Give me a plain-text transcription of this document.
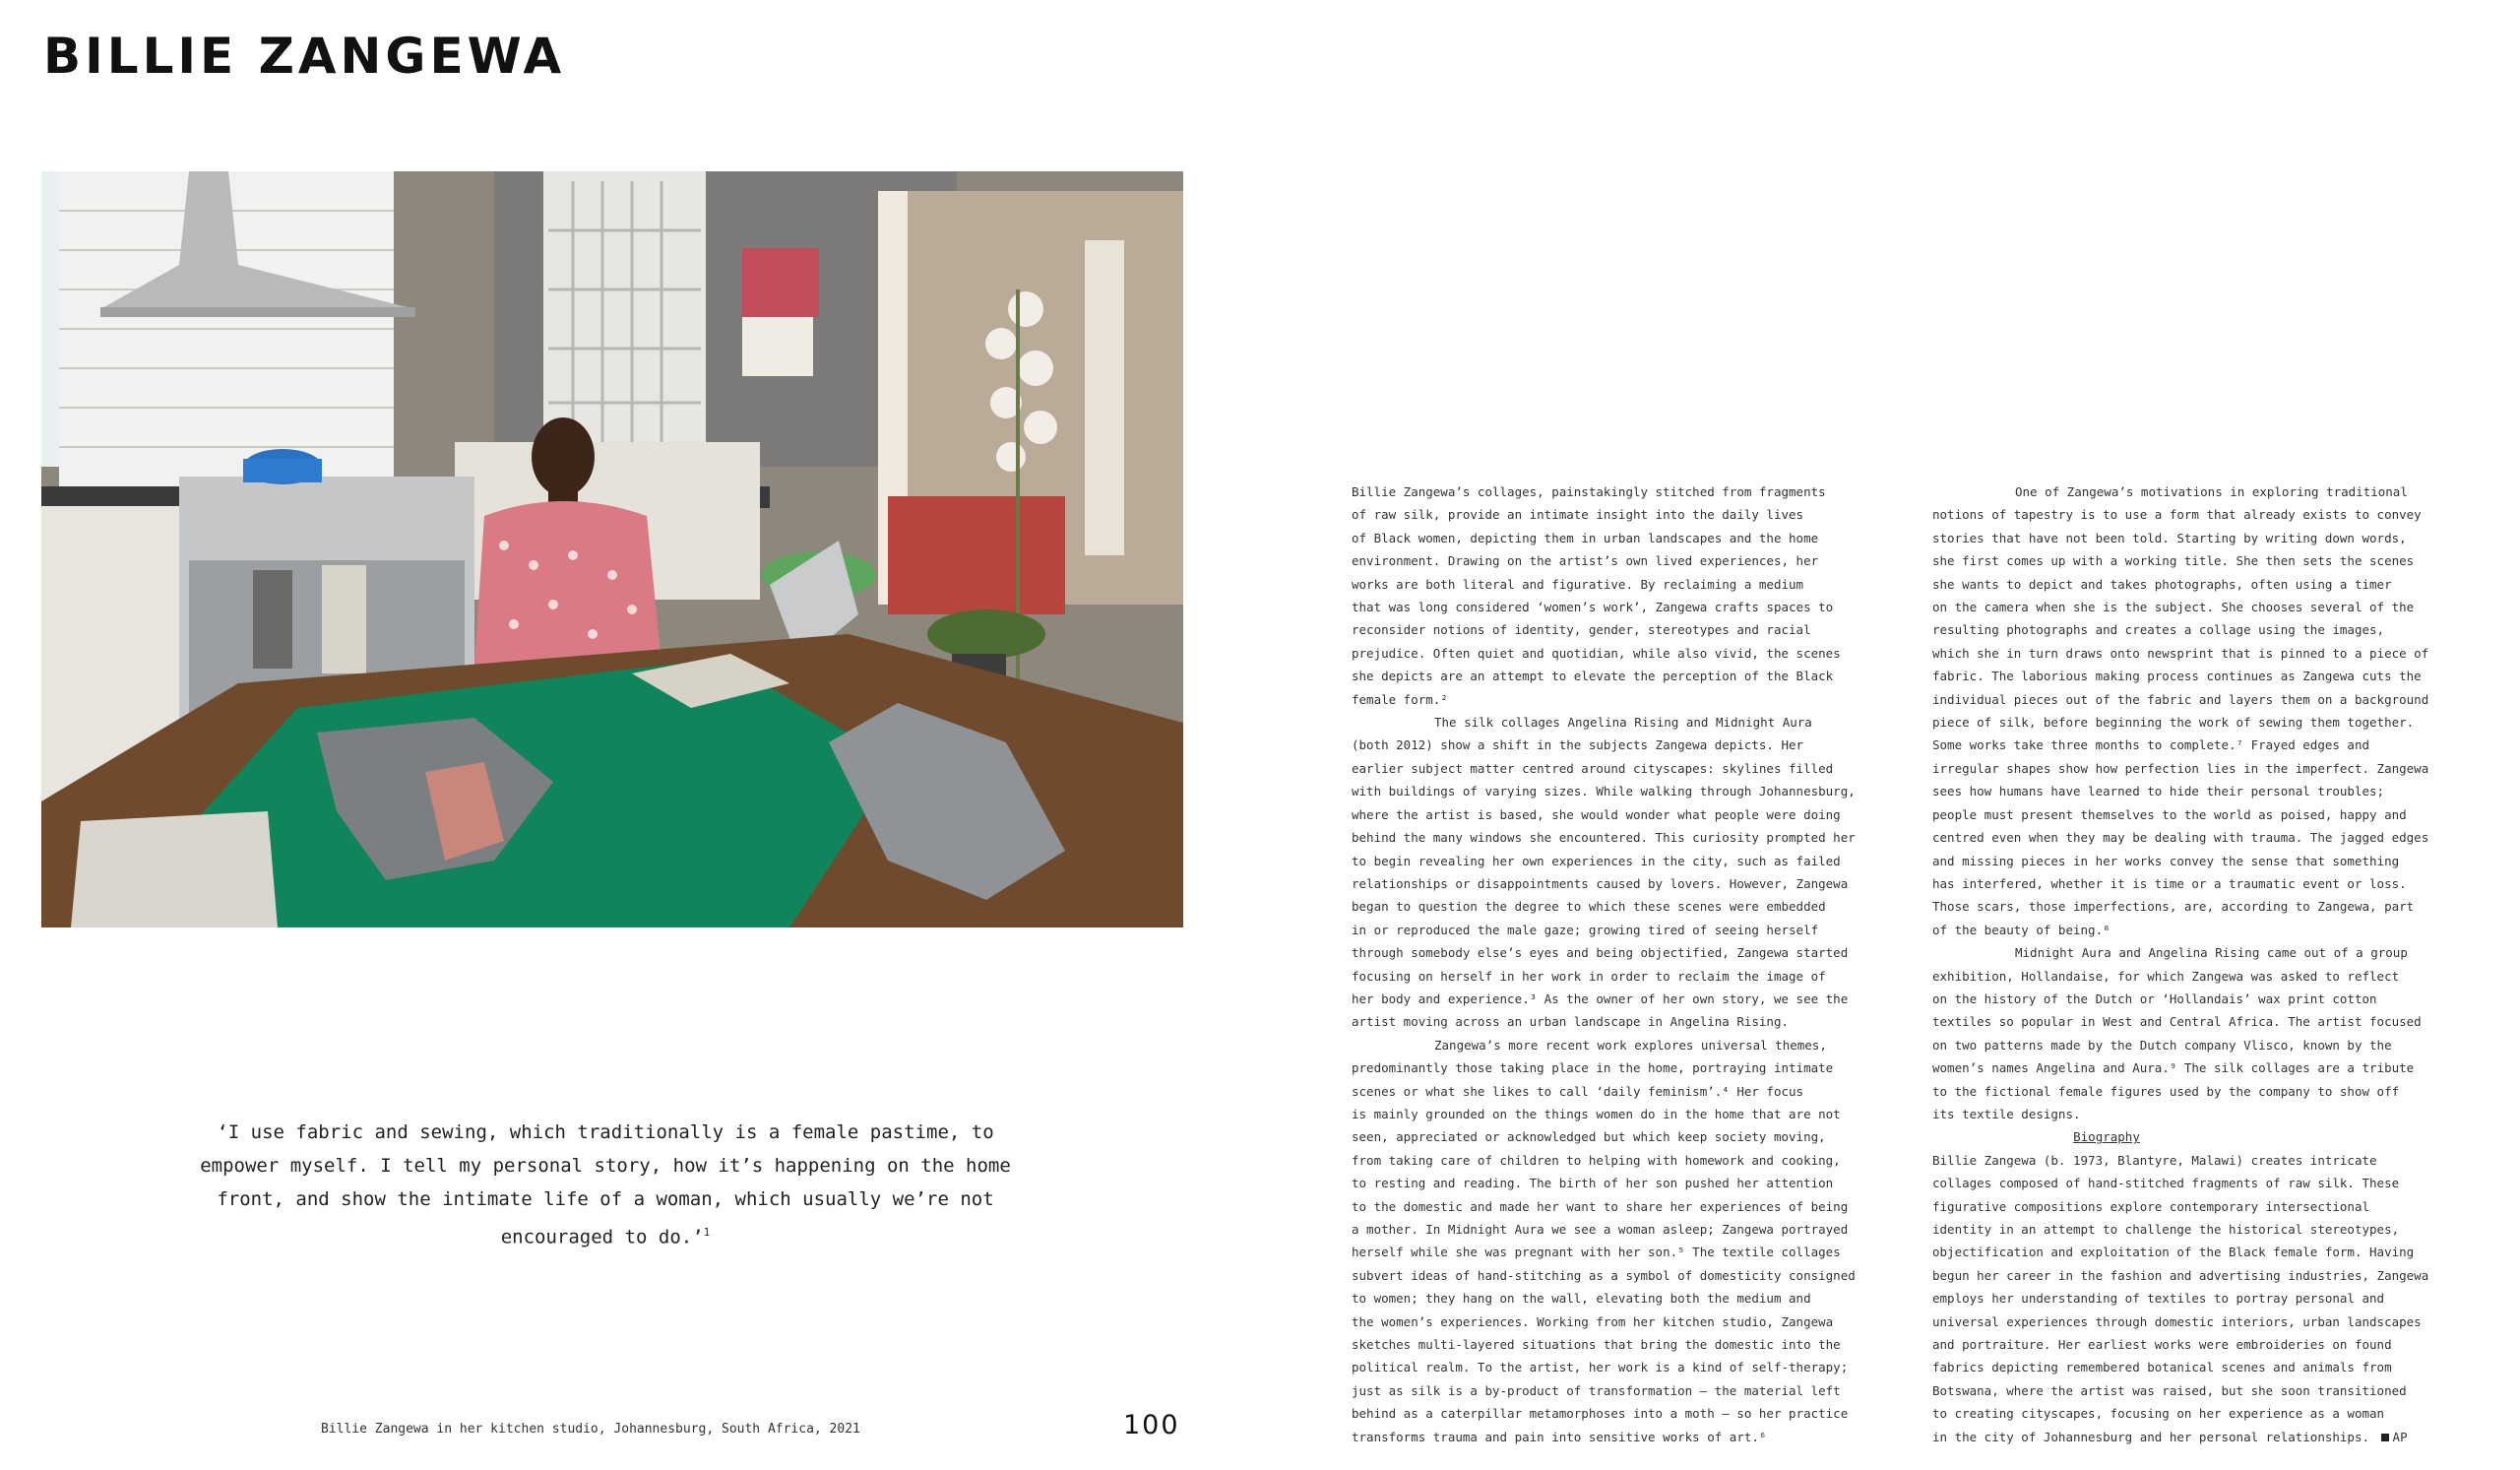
BILLIE ZANGEWA
‘I use fabric and sewing, which traditionally is a female pastime, to empower myself. I tell my personal story, how it’s happening on the home front, and show the intimate life of a woman, which usually we’re not encouraged to do.’$^1$
Billie Zangewa in her kitchen studio, Johannesburg, South Africa, 2021	100

Billie Zangewa’s collages, painstakingly stitched from fragments
of raw silk, provide an intimate insight into the daily lives
of Black women, depicting them in urban landscapes and the home
environment. Drawing on the artist’s own lived experiences, her
works are both literal and figurative. By reclaiming a medium
that was long considered ‘women’s work’, Zangewa crafts spaces to
reconsider notions of identity, gender, stereotypes and racial
prejudice. Often quiet and quotidian, while also vivid, the scenes
she depicts are an attempt to elevate the perception of the Black
female form.²

The silk collages Angelina Rising and Midnight Aura
(both 2012) show a shift in the subjects Zangewa depicts. Her
earlier subject matter centred around cityscapes: skylines filled
with buildings of varying sizes. While walking through Johannesburg,
where the artist is based, she would wonder what people were doing
behind the many windows she encountered. This curiosity prompted her
to begin revealing her own experiences in the city, such as failed
relationships or disappointments caused by lovers. However, Zangewa
began to question the degree to which these scenes were embedded
in or reproduced the male gaze; growing tired of seeing herself
through somebody else’s eyes and being objectified, Zangewa started
focusing on herself in her work in order to reclaim the image of
her body and experience.³ As the owner of her own story, we see the
artist moving across an urban landscape in Angelina Rising.

Zangewa’s more recent work explores universal themes,
predominantly those taking place in the home, portraying intimate
scenes or what she likes to call ‘daily feminism’.⁴ Her focus
is mainly grounded on the things women do in the home that are not
seen, appreciated or acknowledged but which keep society moving,
from taking care of children to helping with homework and cooking,
to resting and reading. The birth of her son pushed her attention
to the domestic and made her want to share her experiences of being
a mother. In Midnight Aura we see a woman asleep; Zangewa portrayed
herself while she was pregnant with her son.⁵ The textile collages
subvert ideas of hand-stitching as a symbol of domesticity consigned
to women; they hang on the wall, elevating both the medium and
the women’s experiences. Working from her kitchen studio, Zangewa
sketches multi-layered situations that bring the domestic into the
political realm. To the artist, her work is a kind of self-therapy;
just as silk is a by-product of transformation – the material left
behind as a caterpillar metamorphoses into a moth – so her practice
transforms trauma and pain into sensitive works of art.⁶

One of Zangewa’s motivations in exploring traditional
notions of tapestry is to use a form that already exists to convey
stories that have not been told. Starting by writing down words,
she first comes up with a working title. She then sets the scenes
she wants to depict and takes photographs, often using a timer
on the camera when she is the subject. She chooses several of the
resulting photographs and creates a collage using the images,
which she in turn draws onto newsprint that is pinned to a piece of
fabric. The laborious making process continues as Zangewa cuts the
individual pieces out of the fabric and layers them on a background
piece of silk, before beginning the work of sewing them together.
Some works take three months to complete.⁷ Frayed edges and
irregular shapes show how perfection lies in the imperfect. Zangewa
sees how humans have learned to hide their personal troubles;
people must present themselves to the world as poised, happy and
centred even when they may be dealing with trauma. The jagged edges
and missing pieces in her works convey the sense that something
has interfered, whether it is time or a traumatic event or loss.
Those scars, those imperfections, are, according to Zangewa, part
of the beauty of being.⁸

Midnight Aura and Angelina Rising came out of a group
exhibition, Hollandaise, for which Zangewa was asked to reflect
on the history of the Dutch or ‘Hollandais’ wax print cotton
textiles so popular in West and Central Africa. The artist focused
on two patterns made by the Dutch company Vlisco, known by the
women’s names Angelina and Aura.⁹ The silk collages are a tribute
to the fictional female figures used by the company to show off
its textile designs.

Biography

Billie Zangewa (b. 1973, Blantyre, Malawi) creates intricate
collages composed of hand-stitched fragments of raw silk. These
figurative compositions explore contemporary intersectional
identity in an attempt to challenge the historical stereotypes,
objectification and exploitation of the Black female form. Having
begun her career in the fashion and advertising industries, Zangewa
employs her understanding of textiles to portray personal and
universal experiences through domestic interiors, urban landscapes
and portraiture. Her earliest works were embroideries on found
fabrics depicting remembered botanical scenes and animals from
Botswana, where the artist was raised, but she soon transitioned
to creating cityscapes, focusing on her experience as a woman
in the city of Johannesburg and her personal relationships. AP
